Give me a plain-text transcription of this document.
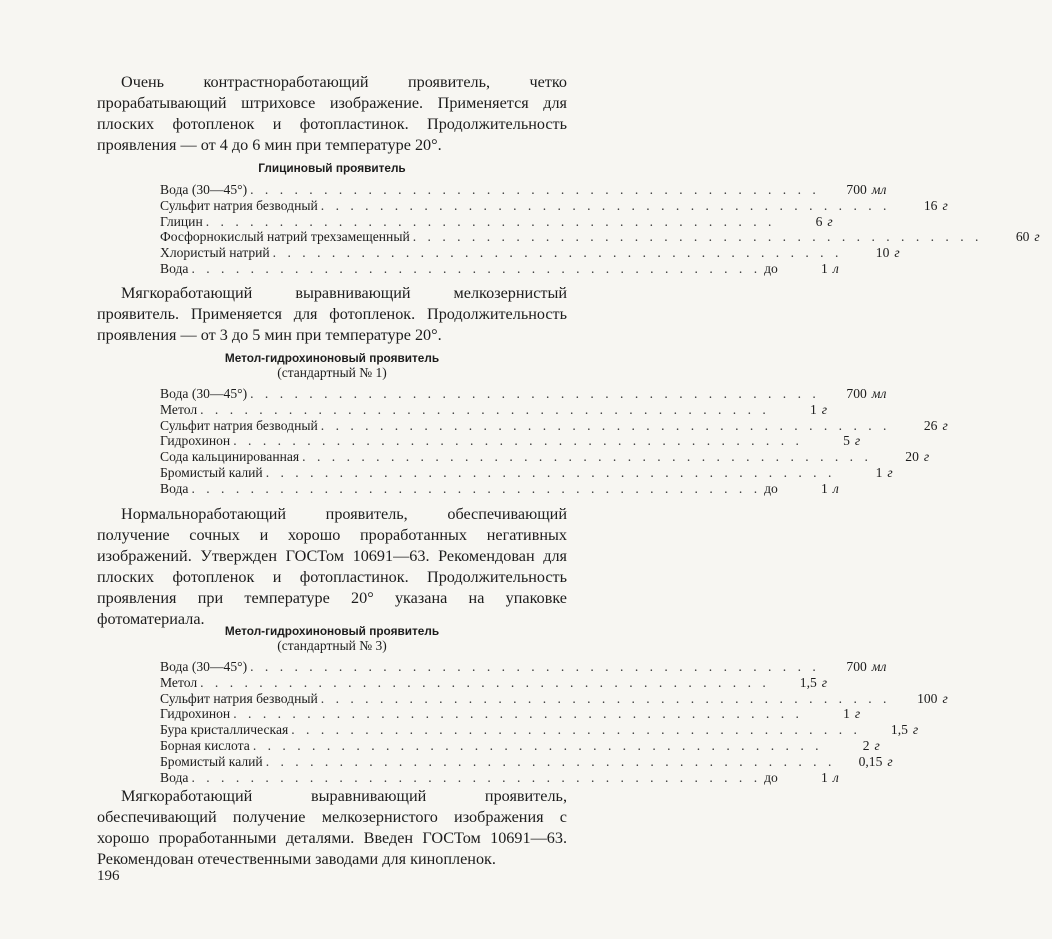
Очень контрастноработающий проявитель, четко прорабатывающий штриховсе изображение. Применяется для плоских фотопленок и фотопластинок. Продолжительность проявления — от 4 до 6 мин при температуре 20°.

Глициновый проявитель

Вода (30—45°) . . . . . . . . . . . . . . . . . . . . . . . . . . . . . . . . . . . . . . .	700 мл
Сульфит натрия безводный . . . . . . . . . . . . . . . . . . . . . . . . . . . . . . . . . . . . . . .	16 г
Глицин . . . . . . . . . . . . . . . . . . . . . . . . . . . . . . . . . . . . . . .	6 г
Фосфорнокислый натрий трехзамещенный . . . . . . . . . . . . . . . . . . . . . . . . . . . . . . . . . . . . . . .	60 г
Хлористый натрий . . . . . . . . . . . . . . . . . . . . . . . . . . . . . . . . . . . . . . .	10 г
Вода . . . . . . . . . . . . . . . . . . . . . . . . . . . . . . . . . . . . . . . до	1 л

Мягкоработающий выравнивающий мелкозернистый проявитель. Применяется для фотопленок. Продолжительность проявления — от 3 до 5 мин при температуре 20°.

Метол-гидрохиноновый проявитель

(стандартный № 1)

Вода (30—45°) . . . . . . . . . . . . . . . . . . . . . . . . . . . . . . . . . . . . . . .	700 мл
Метол . . . . . . . . . . . . . . . . . . . . . . . . . . . . . . . . . . . . . . .	1 г
Сульфит натрия безводный . . . . . . . . . . . . . . . . . . . . . . . . . . . . . . . . . . . . . . .	26 г
Гидрохинон . . . . . . . . . . . . . . . . . . . . . . . . . . . . . . . . . . . . . . .	5 г
Сода кальцинированная . . . . . . . . . . . . . . . . . . . . . . . . . . . . . . . . . . . . . . .	20 г
Бромистый калий . . . . . . . . . . . . . . . . . . . . . . . . . . . . . . . . . . . . . . .	1 г
Вода . . . . . . . . . . . . . . . . . . . . . . . . . . . . . . . . . . . . . . . до	1 л

Нормальноработающий проявитель, обеспечивающий получение сочных и хорошо проработанных негативных изображений. Утвержден ГОСТом 10691—63. Рекомендован для плоских фотопленок и фотопластинок. Продолжительность проявления при температуре 20° указана на упаковке фотоматериала.

Метол-гидрохиноновый проявитель

(стандартный № 3)

Вода (30—45°) . . . . . . . . . . . . . . . . . . . . . . . . . . . . . . . . . . . . . . .	700 мл
Метол . . . . . . . . . . . . . . . . . . . . . . . . . . . . . . . . . . . . . . .	1,5 г
Сульфит натрия безводный . . . . . . . . . . . . . . . . . . . . . . . . . . . . . . . . . . . . . . .	100 г
Гидрохинон . . . . . . . . . . . . . . . . . . . . . . . . . . . . . . . . . . . . . . .	1 г
Бура кристаллическая . . . . . . . . . . . . . . . . . . . . . . . . . . . . . . . . . . . . . . .	1,5 г
Борная кислота . . . . . . . . . . . . . . . . . . . . . . . . . . . . . . . . . . . . . . .	2 г
Бромистый калий . . . . . . . . . . . . . . . . . . . . . . . . . . . . . . . . . . . . . . .	0,15 г
Вода . . . . . . . . . . . . . . . . . . . . . . . . . . . . . . . . . . . . . . . до	1 л

Мягкоработающий выравнивающий проявитель, обеспечивающий получение мелкозернистого изображения с хорошо проработанными деталями. Введен ГОСТом 10691—63. Рекомендован отечественными заводами для кинопленок.

196
